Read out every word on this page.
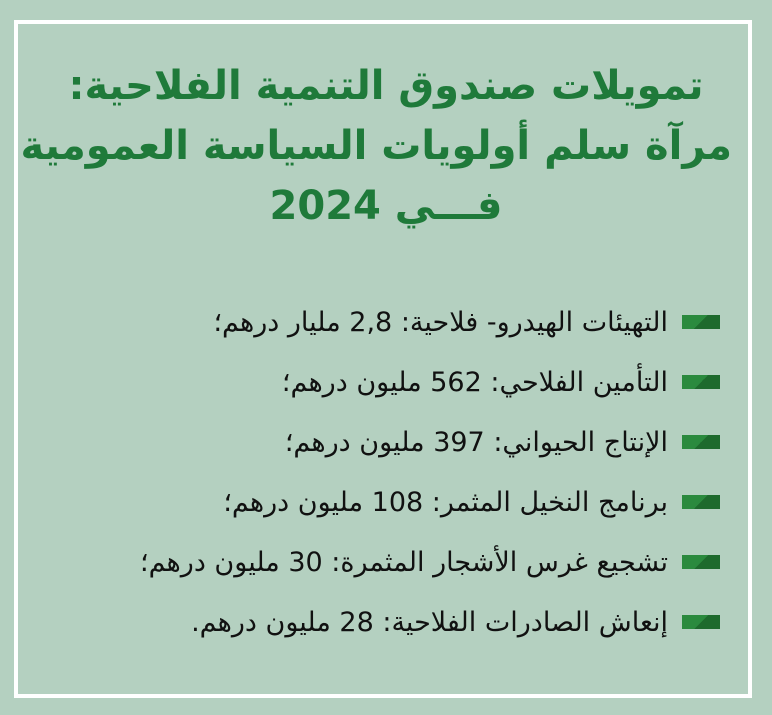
تمويلات صندوق التنمية الفلاحية:
مرآة سلم أولويات السياسة العمومية
فـــي 2024
التهيئات الهيدرو- فلاحية: 2,8 مليار درهم؛
التأمين الفلاحي: 562 مليون درهم؛
الإنتاج الحيواني: 397 مليون درهم؛
برنامج النخيل المثمر: 108 مليون درهم؛
تشجيع غرس الأشجار المثمرة: 30 مليون درهم؛
إنعاش الصادرات الفلاحية: 28 مليون درهم.
